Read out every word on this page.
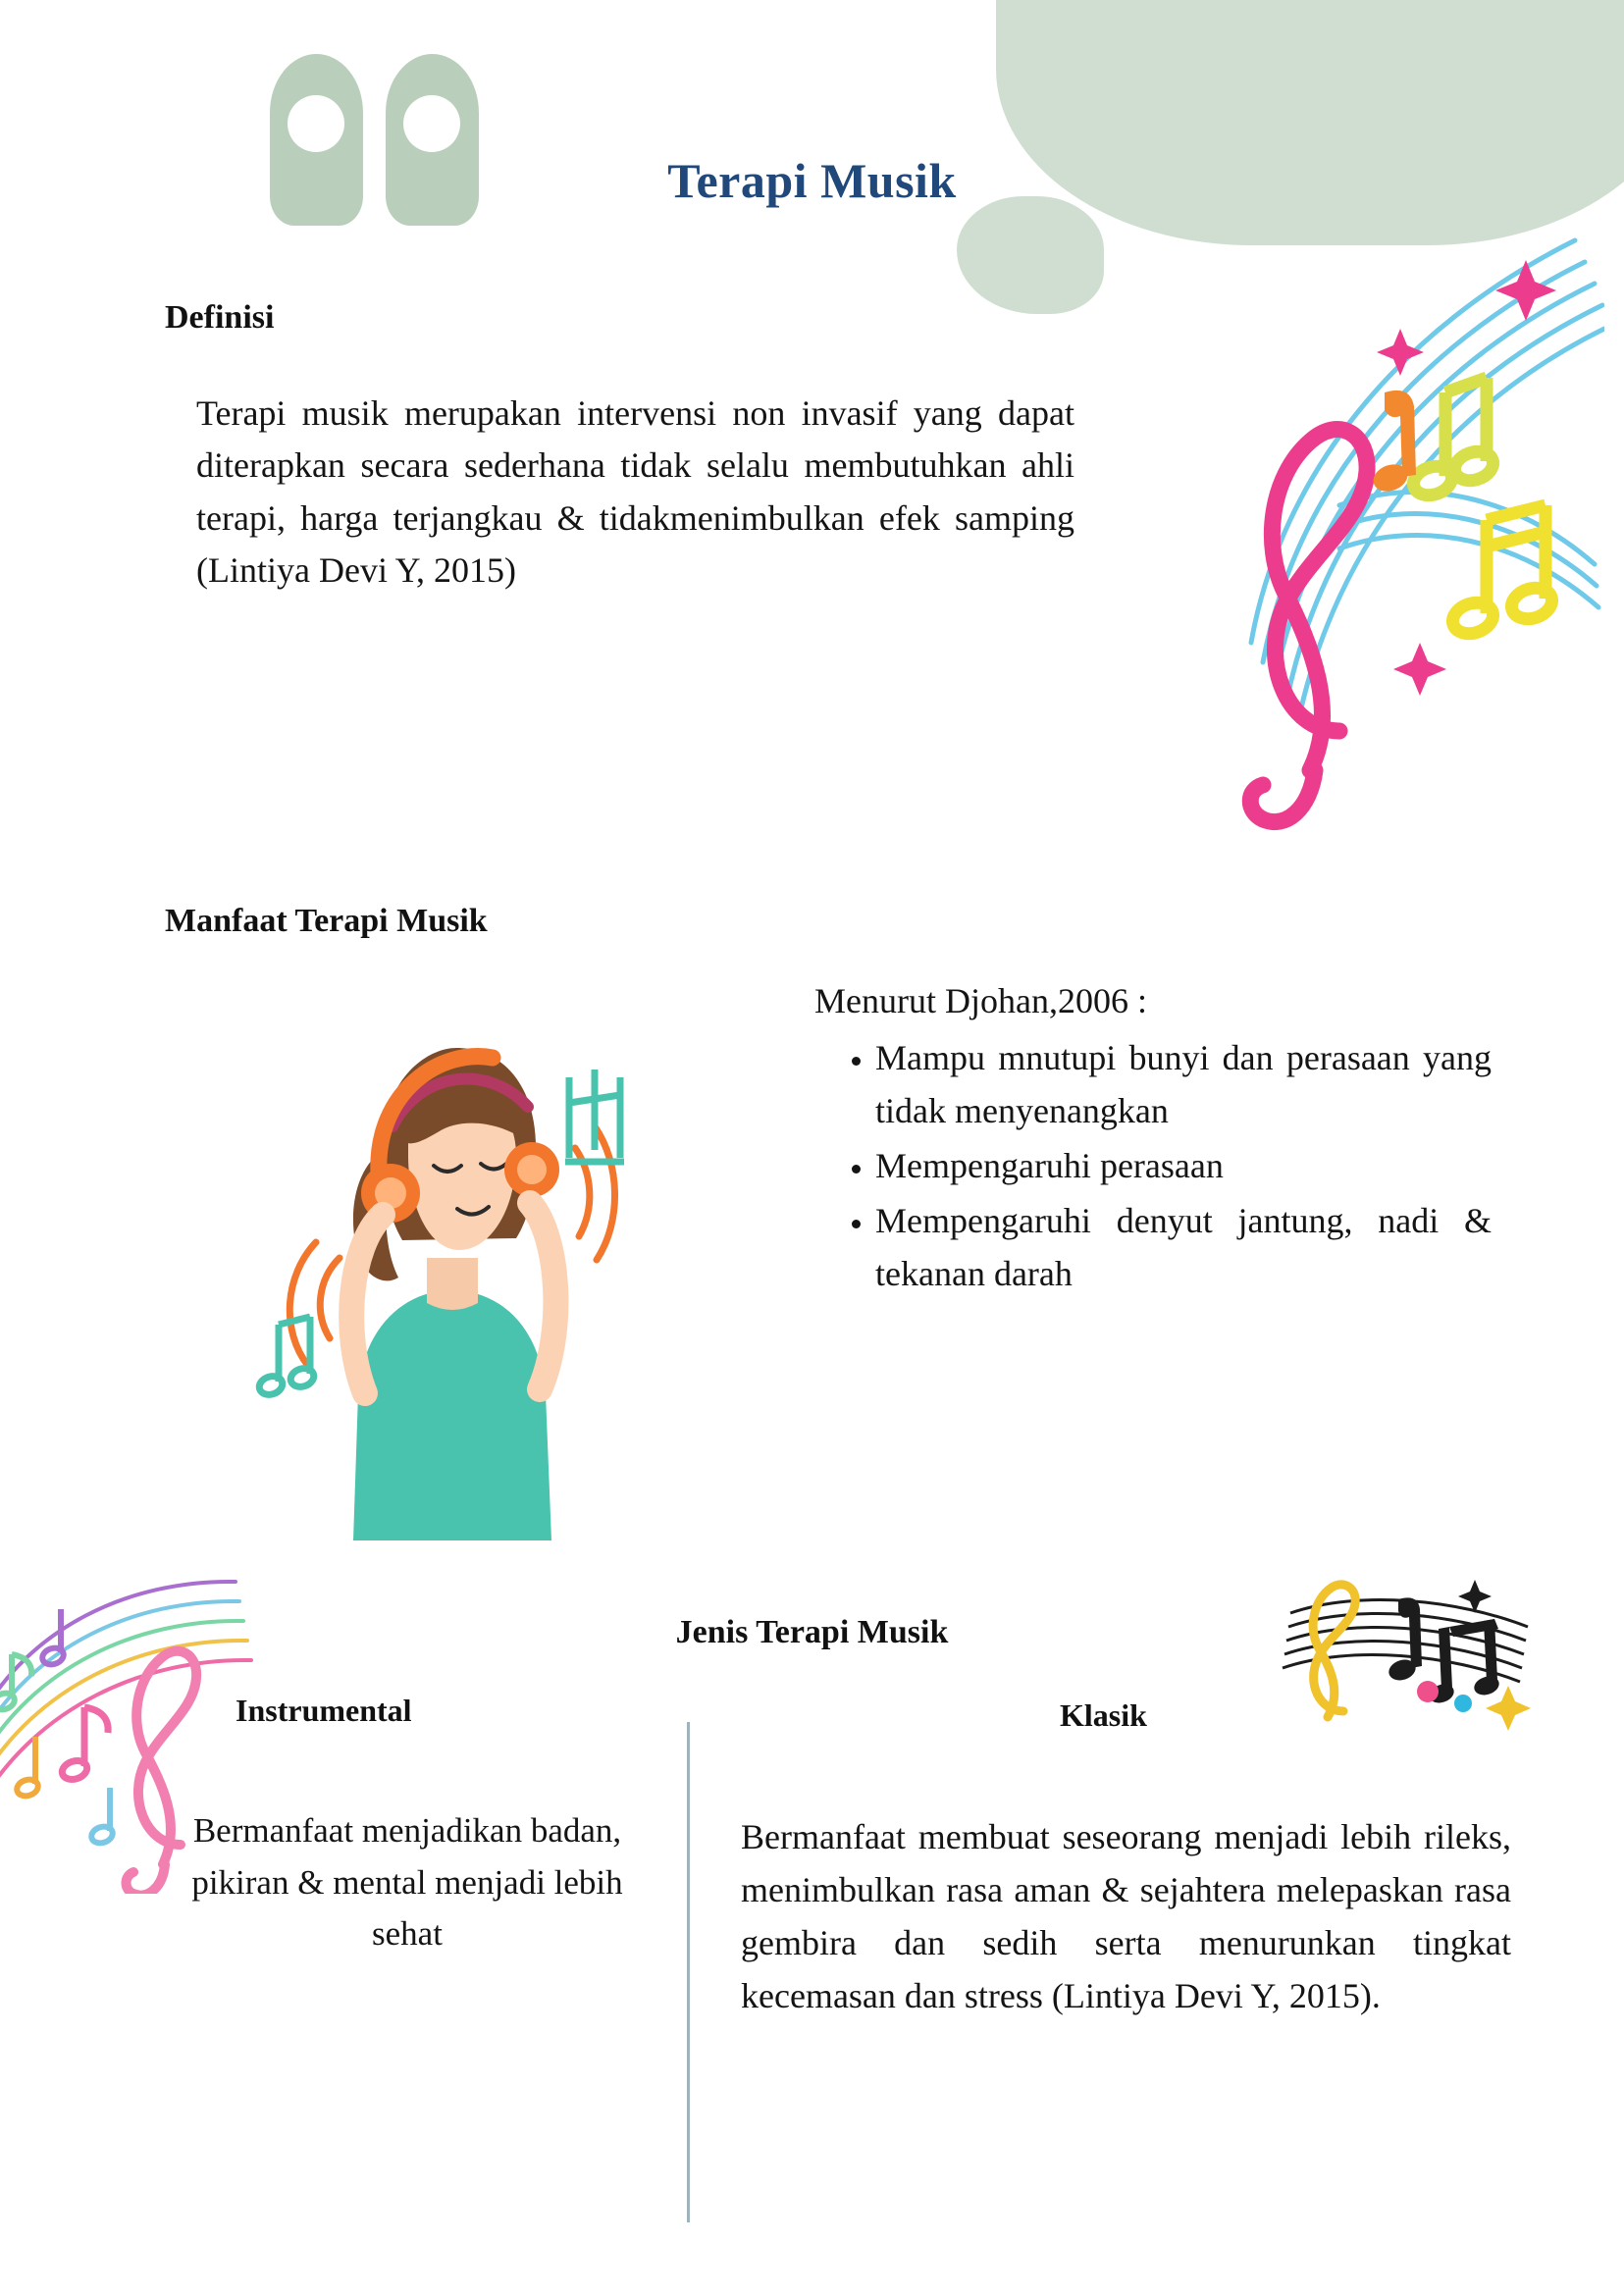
Terapi Musik
Definisi
Terapi musik merupakan intervensi non invasif yang dapat diterapkan secara sederhana tidak selalu membutuhkan ahli terapi, harga terjangkau & tidakmenimbulkan efek samping (Lintiya Devi Y, 2015)
Manfaat Terapi Musik
Menurut Djohan,2006 :
• Mampu mnutupi bunyi dan perasaan yang tidak menyenangkan
• Mempengaruhi perasaan
• Mempengaruhi denyut jantung, nadi & tekanan darah
Jenis Terapi Musik
Instrumental
Bermanfaat menjadikan badan, pikiran & mental menjadi lebih sehat
Klasik
Bermanfaat membuat seseorang menjadi lebih rileks, menimbulkan rasa aman & sejahtera melepaskan rasa gembira dan sedih serta menurunkan tingkat kecemasan dan stress (Lintiya Devi Y, 2015).
